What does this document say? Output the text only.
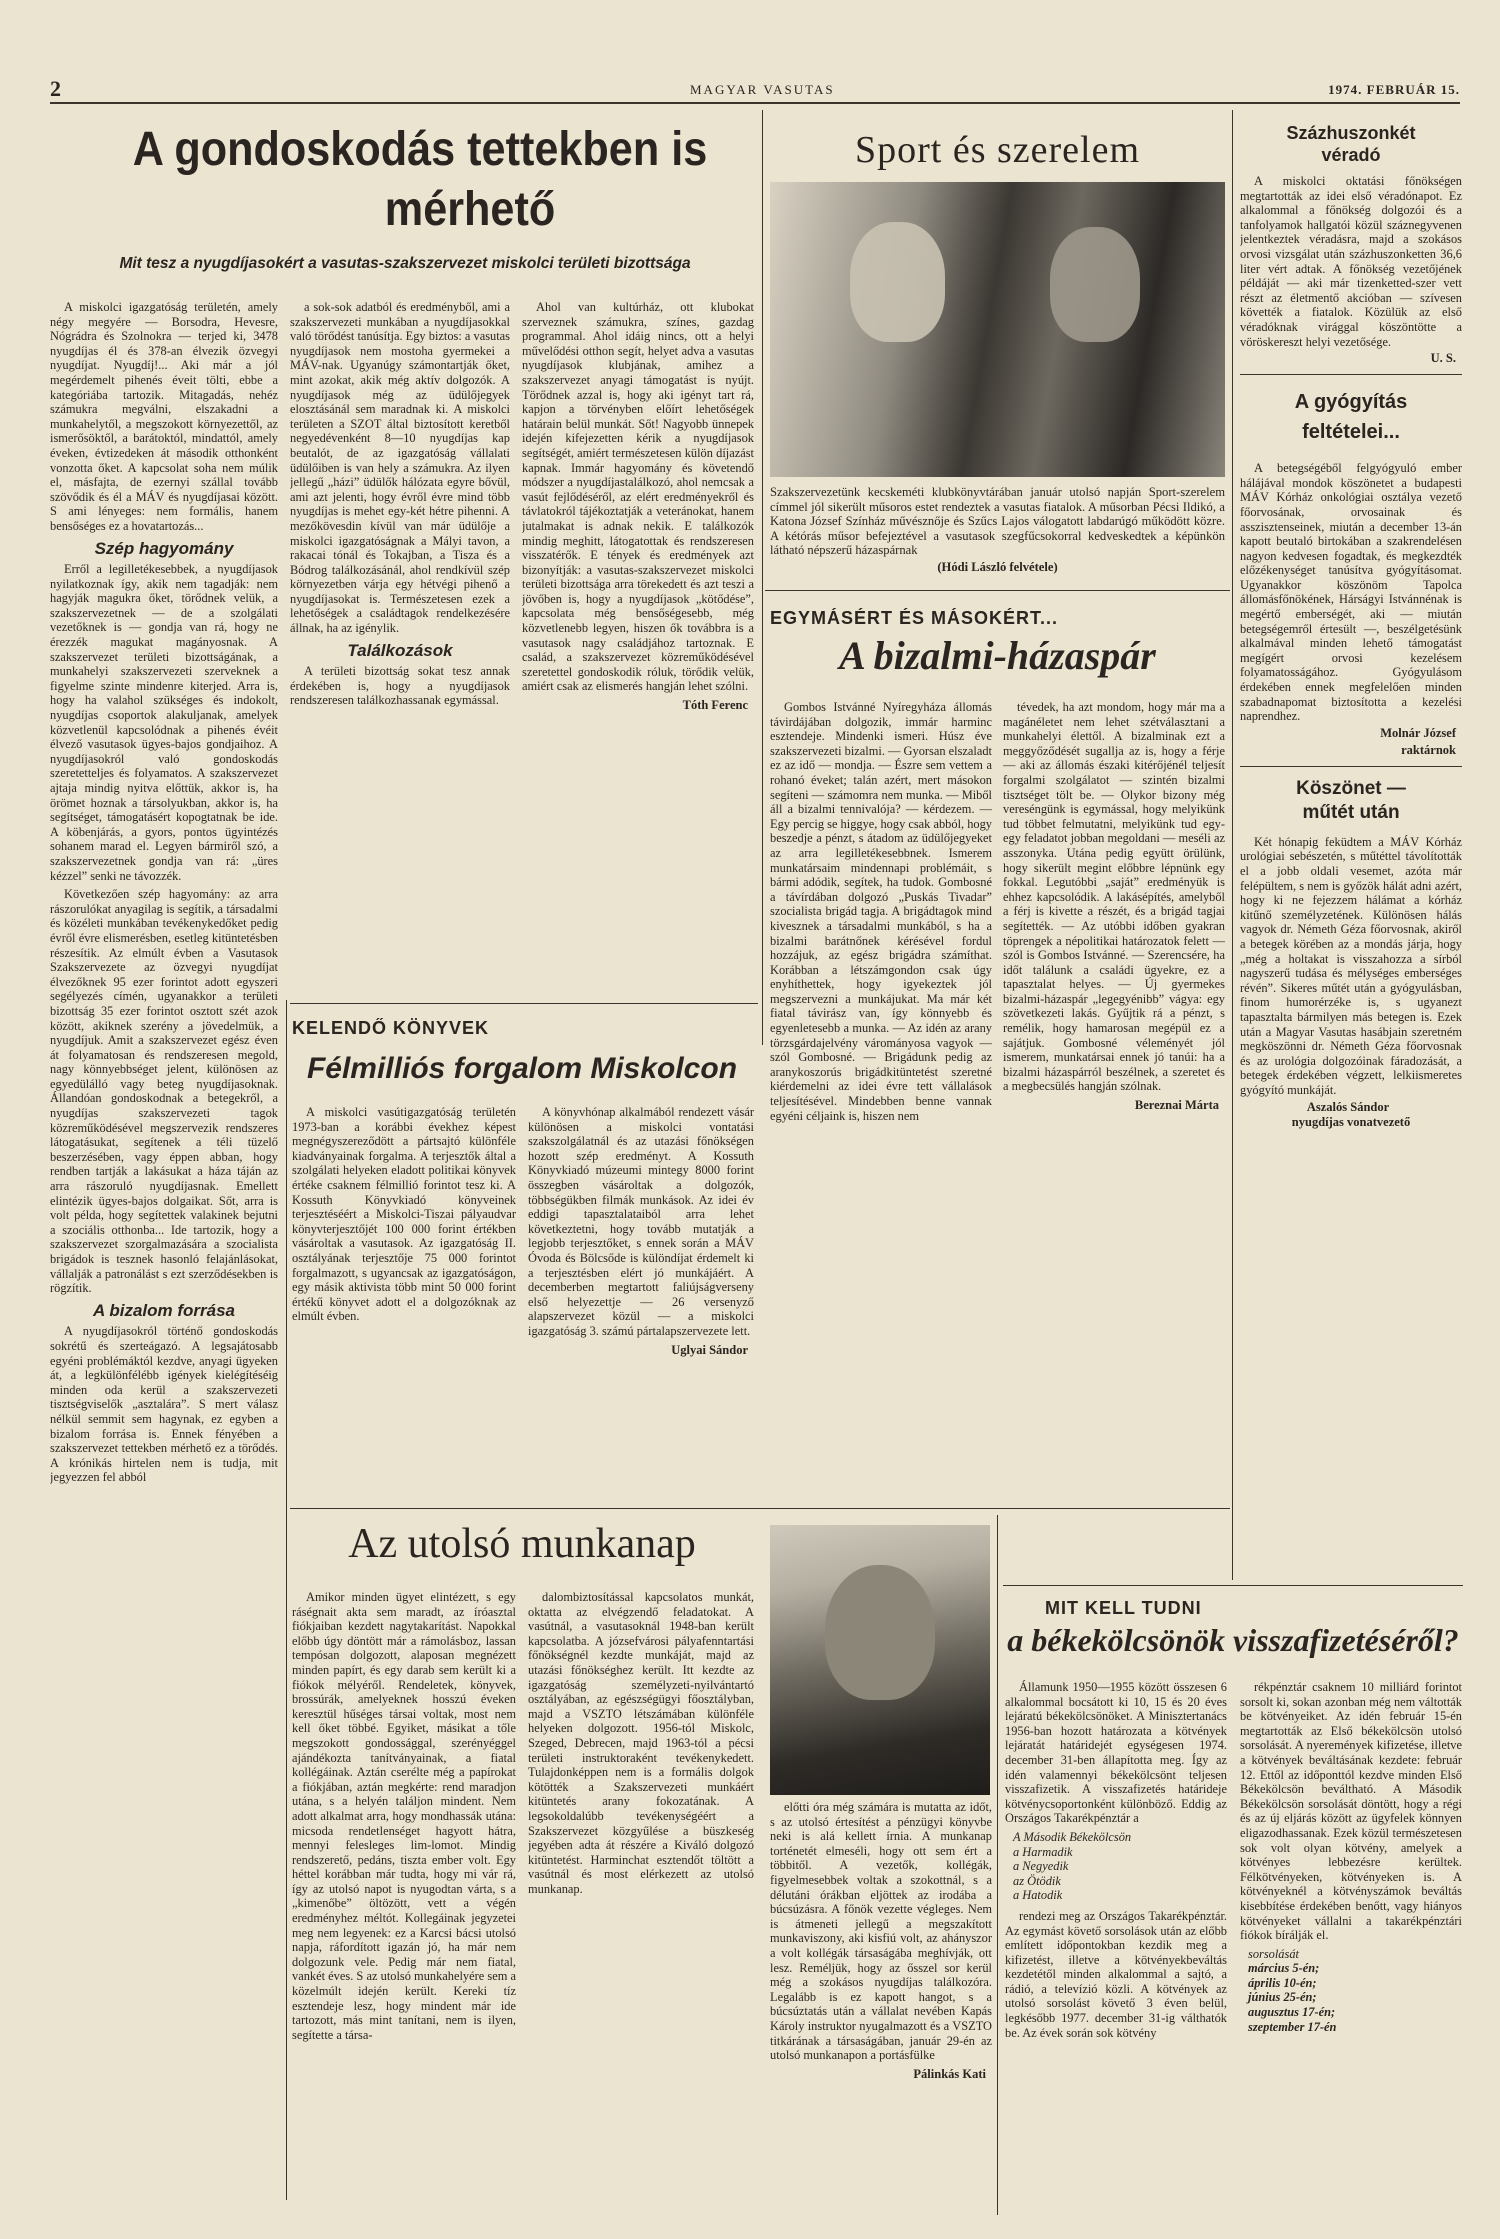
2	MAGYAR VASUTAS	1974. FEBRUÁR 15.
A gondoskodás tettekben is
mérhető
Mit tesz a nyugdíjasokért a vasutas-szakszervezet miskolci területi bizottsága

A miskolci igazgatóság területén, amely négy megyére — Borsodra, Hevesre, Nógrádra és Szolnokra — terjed ki, 3478 nyugdíjas él és 378-an élvezik özvegyi nyugdíjat. Nyugdíj!... Aki már a jól megérdemelt pihenés éveit tölti, ebbe a kategóriába tartozik. Mitagadás, nehéz számukra megválni, elszakadni a munkahelytől, a megszokott környezettől, az ismerősöktől, a barátoktól, mindattól, amely éveken, évtizedeken át második otthonként vonzotta őket. A kapcsolat soha nem múlik el, másfajta, de ezernyi szállal tovább szövődik és él a MÁV és nyugdíjasai között. S ami lényeges: nem formális, hanem bensőséges ez a hovatartozás...

Szép hagyomány

Erről a legilletékesebbek, a nyugdíjasok nyilatkoznak így, akik nem tagadják: nem hagyják magukra őket, törődnek velük, a szakszervezetnek — de a szolgálati vezetőknek is — gondja van rá, hogy ne érezzék magukat magányosnak. A szakszervezet területi bizottságának, a munkahelyi szakszervezeti szerveknek a figyelme szinte mindenre kiterjed. Arra is, hogy ha valahol szükséges és indokolt, nyugdíjas csoportok alakuljanak, amelyek közvetlenül kapcsolódnak a pihenés évéit élvező vasutasok ügyes-bajos gondjaihoz. A nyugdíjasokról való gondoskodás szeretetteljes és folyamatos. A szakszervezet ajtaja mindig nyitva előttük, akkor is, ha örömet hoznak a társolyukban, akkor is, ha segítséget, támogatásért kopogtatnak be ide. A köbenjárás, a gyors, pontos ügyintézés sohanem marad el. Legyen bármiről szó, a szakszervezetnek gondja van rá: „üres kézzel” senki ne távozzék.

Következően szép hagyomány: az arra rászorulókat anyagilag is segítik, a társadalmi és közéleti munkában tevékenykedőket pedig évről évre elismerésben, esetleg kitüntetésben részesítik. Az elmúlt évben a Vasutasok Szakszervezete az özvegyi nyugdíjat élvezőknek 95 ezer forintot adott egyszeri segélyezés címén, ugyanakkor a területi bizottság 35 ezer forintot osztott szét azok között, akiknek szerény a jövedelmük, a nyugdíjuk. Amit a szakszervezet egész éven át folyamatosan és rendszeresen megold, nagy könnyebbséget jelent, különösen az egyedülálló vagy beteg nyugdíjasoknak. Állandóan gondoskodnak a betegekről, a nyugdíjas szakszervezeti tagok közreműködésével megszervezik rendszeres látogatásukat, segítenek a téli tüzelő beszerzésében, vagy éppen abban, hogy rendben tartják a lakásukat a háza táján az arra rászoruló nyugdíjasnak. Emellett elintézik ügyes-bajos dolgaikat. Sőt, arra is volt példa, hogy segítettek valakinek bejutni a szociális otthonba... Ide tartozik, hogy a szakszervezet szorgalmazására a szocialista brigádok is tesznek hasonló felajánlásokat, vállalják a patronálást s ezt szerződésekben is rögzítik.

A bizalom forrása

A nyugdíjasokról történő gondoskodás sokrétű és szerteágazó. A legsajátosabb egyéni problémáktól kezdve, anyagi ügyeken át, a legkülönfélébb igények kielégítéséig minden oda kerül a szakszervezeti tisztségviselők „asztalára”. S mert válasz nélkül semmit sem hagynak, ez egyben a bizalom forrása is. Ennek fényében a szakszervezet tettekben mérhető ez a törődés. A krónikás hirtelen nem is tudja, mit jegyezzen fel abból

a sok-sok adatból és eredményből, ami a szakszervezeti munkában a nyugdíjasokkal való törődést tanúsítja. Egy biztos: a vasutas nyugdíjasok nem mostoha gyermekei a MÁV-nak. Ugyanúgy számontartják őket, mint azokat, akik még aktív dolgozók. A nyugdíjasok még az üdülőjegyek elosztásánál sem maradnak ki. A miskolci területen a SZOT által biztosított keretből negyedévenként 8—10 nyugdíjas kap beutalót, de az igazgatóság vállalati üdülőiben is van hely a számukra. Az ilyen jellegű „házi” üdülők hálózata egyre bővül, ami azt jelenti, hogy évről évre mind több nyugdíjas is mehet egy-két hétre pihenni. A mezőkövesdin kívül van már üdülője a miskolci igazgatóságnak a Mályi tavon, a rakacai tónál és Tokajban, a Tisza és a Bódrog találkozásánál, ahol rendkívül szép környezetben várja egy hétvégi pihenő a nyugdíjasokat is. Természetesen ezek a lehetőségek a családtagok rendelkezésére állnak, ha az igénylik.

Találkozások

A területi bizottság sokat tesz annak érdekében is, hogy a nyugdíjasok rendszeresen találkozhassanak egymással.

Ahol van kultúrház, ott klubokat szerveznek számukra, színes, gazdag programmal. Ahol idáig nincs, ott a helyi művelődési otthon segít, helyet adva a vasutas nyugdíjasok klubjának, amihez a szakszervezet anyagi támogatást is nyújt. Törődnek azzal is, hogy aki igényt tart rá, kapjon a törvényben előírt lehetőségek határain belül munkát. Sőt! Nagyobb ünnepek idején kifejezetten kérik a nyugdíjasok segítségét, amiért természetesen külön díjazást kapnak. Immár hagyomány és követendő módszer a nyugdíjastalálkozó, ahol nemcsak a vasút fejlődéséről, az elért eredményekről és távlatokról tájékoztatják a veteránokat, hanem jutalmakat is adnak nekik. E találkozók mindig meghitt, látogatottak és rendszeresen visszatérők. E tények és eredmények azt bizonyítják: a vasutas-szakszervezet miskolci területi bizottsága arra törekedett és azt teszi a jövőben is, hogy a nyugdíjasok „kötődése”, kapcsolata még bensőségesebb, még közvetlenebb legyen, hiszen ők továbbra is a vasutasok nagy családjához tartoznak. E család, a szakszervezet közreműködésével szeretettel gondoskodik róluk, törődik velük, amiért csak az elismerés hangján lehet szólni.

Tóth Ferenc
Sport és szerelem
Szakszervezetünk kecskeméti klubkönyvtárában január utolsó napján Sport-szerelem címmel jól sikerült műsoros estet rendeztek a vasutas fiatalok. A műsorban Pécsi Ildikó, a Katona József Színház művésznője és Szűcs Lajos válogatott labdarúgó működött közre. A kétórás műsor befejeztével a vasutasok szegfűcsokorral kedveskedtek a képünkön látható népszerű házaspárnak
(Hódi László felvétele)
EGYMÁSÉRT ÉS MÁSOKÉRT...
A bizalmi-házaspár

Gombos Istvánné Nyíregyháza állomás távirdájában dolgozik, immár harminc esztendeje. Mindenki ismeri. Húsz éve szakszervezeti bizalmi. — Gyorsan elszaladt ez az idő — mondja. — Észre sem vettem a rohanó éveket; talán azért, mert másokon segíteni — számomra nem munka. — Miből áll a bizalmi tennivalója? — kérdezem. — Egy percig se higgye, hogy csak abból, hogy beszedje a pénzt, s átadom az üdülőjegyeket az arra legilletékesebbnek. Ismerem munkatársaim mindennapi problémáit, s bármi adódik, segítek, ha tudok. Gombosné a távírdában dolgozó „Puskás Tivadar” szocialista brigád tagja. A brigádtagok mind kivesznek a társadalmi munkából, s ha a bizalmi barátnőnek kérésével fordul hozzájuk, az egész brigádra számíthat. Korábban a létszámgondon csak úgy enyhíthettek, hogy igyekeztek jól megszervezni a munkájukat. Ma már két fiatal távirász van, így könnyebb és egyenletesebb a munka. — Az idén az arany törzsgárdajelvény várományosa vagyok — szól Gombosné. — Brigádunk pedig az aranykoszorús brigádkitüntetést szeretné kiérdemelni az idei évre tett vállalások teljesítésével. Mindebben benne vannak egyéni céljaink is, hiszen nem

tévedek, ha azt mondom, hogy már ma a magánéletet nem lehet szétválasztani a munkahelyi élettől. A bizalminak ezt a meggyőződését sugallja az is, hogy a férje — aki az állomás északi kitérőjénél teljesít forgalmi szolgálatot — szintén bizalmi tisztséget tölt be. — Olykor bizony még vereséngünk is egymással, hogy melyikünk tud többet felmutatni, melyikünk tud egy-egy feladatot jobban megoldani — meséli az asszonyka. Utána pedig együtt örülünk, hogy sikerült megint előbbre lépnünk egy fokkal. Legutóbbi „saját” eredményük is ehhez kapcsolódik. A lakásépítés, amelyből a férj is kivette a részét, és a brigád tagjai segítették. — Az utóbbi időben gyakran töprengek a népolitikai határozatok felett — szól is Gombos Istvánné. — Szerencsére, ha időt találunk a családi ügyekre, ez a tapasztalat helyes. — Új gyermekes bizalmi-házaspár „legegyénibb” vágya: egy szövetkezeti lakás. Gyűjtik rá a pénzt, s remélik, hogy hamarosan megépül ez a sajátjuk. Gombosné véleményét jól ismerem, munkatársai ennek jó tanúi: ha a bizalmi házaspárról beszélnek, a szeretet és a megbecsülés hangján szólnak.

Bereznai Márta
Százhuszonkét véradó
A miskolci oktatási főnökségen megtartották az idei első véradónapot. Ez alkalommal a főnökség dolgozói és a tanfolyamok hallgatói közül száznegyvenen jelentkeztek véradásra, majd a szokásos orvosi vizsgálat után százhuszonketten 36,6 liter vért adtak. A főnökség vezetőjének példáját — aki már tizenketted-szer vett részt az életmentő akcióban — szívesen követték a fiatalok. Közülük az első véradóknak virággal köszöntötte a vöröskereszt helyi vezetősége.
U. S.
A gyógyítás feltételei...
A betegségéből felgyógyuló ember hálájával mondok köszönetet a budapesti MÁV Kórház onkológiai osztálya vezető főorvosának, orvosainak és asszisztenseinek, miután a december 13-án kapott beutaló birtokában a szakrendelésen nagyon kedvesen fogadtak, és megkezdték előzékenységet tanúsítva gyógyításomat. Ugyanakkor köszönöm Tapolca állomásfőnökének, Hárságyi Istvánnénak is megértő emberségét, aki — miután betegségemről értesült —, beszélgetésünk alkalmával minden lehető támogatást megígért orvosi kezelésem folyamatosságához. Gyógyulásom érdekében ennek megfelelően minden szabadnapomat biztosította a kezelési naprendhez.
Molnár József
raktárnok
Köszönet — műtét után
Két hónapig feküdtem a MÁV Kórház urológiai sebészetén, s műtéttel távolították el a jobb oldali vesemet, azóta már felépültem, s nem is győzök hálát adni azért, hogy ki ne fejezzem hálámat a kórház kitűnő személyzetének. Különösen hálás vagyok dr. Németh Géza főorvosnak, akiről a betegek körében az a mondás járja, hogy „még a holtakat is visszahozza a sírból nagyszerű tudása és mélységes emberséges révén”. Sikeres műtét után a gyógyulásban, finom humorérzéke is, s ugyanezt tapasztalta bármilyen más betegen is. Ezek után a Magyar Vasutas hasábjain szeretném megköszönni dr. Németh Géza főorvosnak és az urológia dolgozóinak fáradozását, a betegek érdekében végzett, lelkiismeretes gyógyító munkáját.
Aszalós Sándor
nyugdíjas vonatvezető
KELENDŐ KÖNYVEK
Félmilliós forgalom Miskolcon

A miskolci vasútigazgatóság területén 1973-ban a korábbi évekhez képest megnégyszereződött a pártsajtó különféle kiadványainak forgalma. A terjesztők által a szolgálati helyeken eladott politikai könyvek értéke csaknem félmillió forintot tesz ki. A Kossuth Könyvkiadó könyveinek terjesztéséért a Miskolci-Tiszai pályaudvar könyvterjesztőjét 100 000 forint értékben vásároltak a vasutasok. Az igazgatóság II. osztályának terjesztője 75 000 forintot forgalmazott, s ugyancsak az igazgatóságon, egy másik aktivista több mint 50 000 forint értékű könyvet adott el a dolgozóknak az elmúlt évben.

A könyvhónap alkalmából rendezett vásár különösen a miskolci vontatási szakszolgálatnál és az utazási főnökségen hozott szép eredményt. A Kossuth Könyvkiadó múzeumi mintegy 8000 forint összegben vásároltak a dolgozók, többségükben filmák munkások. Az idei év eddigi tapasztalataiból arra lehet következtetni, hogy tovább mutatják a legjobb terjesztőket, s ennek során a MÁV Óvoda és Bölcsőde is különdíjat érdemelt ki a terjesztésben elért jó munkájáért. A decemberben megtartott faliújságverseny első helyezettje — 26 versenyző alapszervezet közül — a miskolci igazgatóság 3. számú pártalapszervezete lett.

Uglyai Sándor
Az utolsó munkanap

Amikor minden ügyet elintézett, s egy ráségnait akta sem maradt, az íróasztal fiókjaiban kezdett nagytakarítást. Napokkal előbb úgy döntött már a rámolásboz, lassan tempósan dolgozott, alaposan megnézett minden papírt, és egy darab sem került ki a fiókok mélyéről. Rendeletek, könyvek, brossúrák, amelyeknek hosszú éveken keresztül hűséges társai voltak, most nem kell őket többé. Egyiket, másikat a tőle megszokott gondossággal, szerényéggel ajándékozta tanítványainak, a fiatal kollégáinak. Aztán cserélte még a papírokat a fiókjában, aztán megkérte: rend maradjon utána, s a helyén találjon mindent. Nem adott alkalmat arra, hogy mondhassák utána: micsoda rendetlenséget hagyott hátra, mennyi felesleges lim-lomot. Mindig rendszerető, pedáns, tiszta ember volt. Egy héttel korábban már tudta, hogy mi vár rá, így az utolsó napot is nyugodtan várta, s a „kimenőbe” öltözött, vett a végén eredményhez méltót. Kollegáinak jegyzetei meg nem legyenek: ez a Karcsi bácsi utolsó napja, ráfordított igazán jó, ha már nem dolgozunk vele. Pedig már nem fiatal, vankét éves. S az utolsó munkahelyére sem a közelmúlt idején került. Kereki tíz esztendeje lesz, hogy mindent már ide tartozott, más mint tanítani, nem is ilyen, segítette a társa-

dalombiztosítással kapcsolatos munkát, oktatta az elvégzendő feladatokat. A vasútnál, a vasutasoknál 1948-ban került kapcsolatba. A józsefvárosi pályafenntartási főnökségnél kezdte munkáját, majd az utazási főnökséghez került. Itt kezdte az igazgatóság személyzeti-nyilvántartó osztályában, az egészségügyi főosztályban, majd a VSZTO létszámában különféle helyeken dolgozott. 1956-tól Miskolc, Szeged, Debrecen, majd 1963-tól a pécsi területi instruktoraként tevékenykedett. Tulajdonképpen nem is a formális dolgok kötötték a Szakszervezeti munkáért kitüntetés arany fokozatának. A legsokoldalúbb tevékenységéért a Szakszervezet közgyűlése a büszkeség jegyében adta át részére a Kiváló dolgozó kitüntetést. Harminchat esztendőt töltött a vasútnál és most elérkezett az utolsó munkanap.

előtti óra még számára is mutatta az időt, s az utolsó értesítést a pénzügyi könyvbe neki is alá kellett írnia. A munkanap torténetét elmeséli, hogy ott sem ért a többitől. A vezetők, kollégák, figyelmesebbek voltak a szokottnál, s a délutáni órákban eljöttek az irodába a búcsúzásra. A főnök vezette végleges. Nem is átmeneti jellegű a megszakított munkaviszony, aki kisfiú volt, az ahányszor a volt kollégák társaságába meghívják, ott lesz. Reméljük, hogy az ősszel sor kerül még a szokásos nyugdíjas találkozóra. Legalább is ez kapott hangot, s a búcsúztatás után a vállalat nevében Kapás Károly instruktor nyugalmazott és a VSZTO titkárának a társaságában, január 29-én az utolsó munkanapon a portásfülke

Pálinkás Kati
MIT KELL TUDNI
a békekölcsönök visszafizetéséről?

Államunk 1950—1955 között összesen 6 alkalommal bocsátott ki 10, 15 és 20 éves lejáratú békekölcsönöket. A Minisztertanács 1956-ban hozott határozata a kötvények lejáratát határidejét egységesen 1974. december 31-ben állapította meg. Így az idén valamennyi békekölcsönt teljesen visszafizetik. A visszafizetés határideje kötvénycsoportonként különböző. Eddig az Országos Takarékpénztár a

A Második Békekölcsön
a Harmadik
a Negyedik
az Ötödik
a Hatodik

rendezi meg az Országos Takarékpénztár. Az egymást követő sorsolások után az előbb említett időpontokban kezdik meg a kifizetést, illetve a kötvényekbeváltás kezdetétől minden alkalommal a sajtó, a rádió, a televízió közli. A kötvények az utolsó sorsolást követő 3 éven belül, legkésőbb 1977. december 31-ig válthatók be. Az évek során sok kötvény

rékpénztár csaknem 10 milliárd forintot sorsolt ki, sokan azonban még nem váltották be kötvényeiket. Az idén február 15-én megtartották az Első békekölcsön utolsó sorsolását. A nyeremények kifizetése, illetve a kötvények beváltásának kezdete: február 12. Ettől az időponttól kezdve minden Első Békekölcsön beváltható. A Második Békekölcsön sorsolását döntött, hogy a régi és az új eljárás között az ügyfelek könnyen eligazodhassanak. Ezek közül természetesen sok volt olyan kötvény, amelyek a kötvényes lebbezésre kerültek. Félkötvényeken, kötvényeken is. A kötvényeknél a kötvényszámok beváltás kisebbítése érdekében benőtt, vagy hiányos kötvényeket vállalni a takarékpénztári fiókok bírálják el.

sorsolását
március 5-én;
április 10-én;
június 25-én;
augusztus 17-én;
szeptember 17-én
